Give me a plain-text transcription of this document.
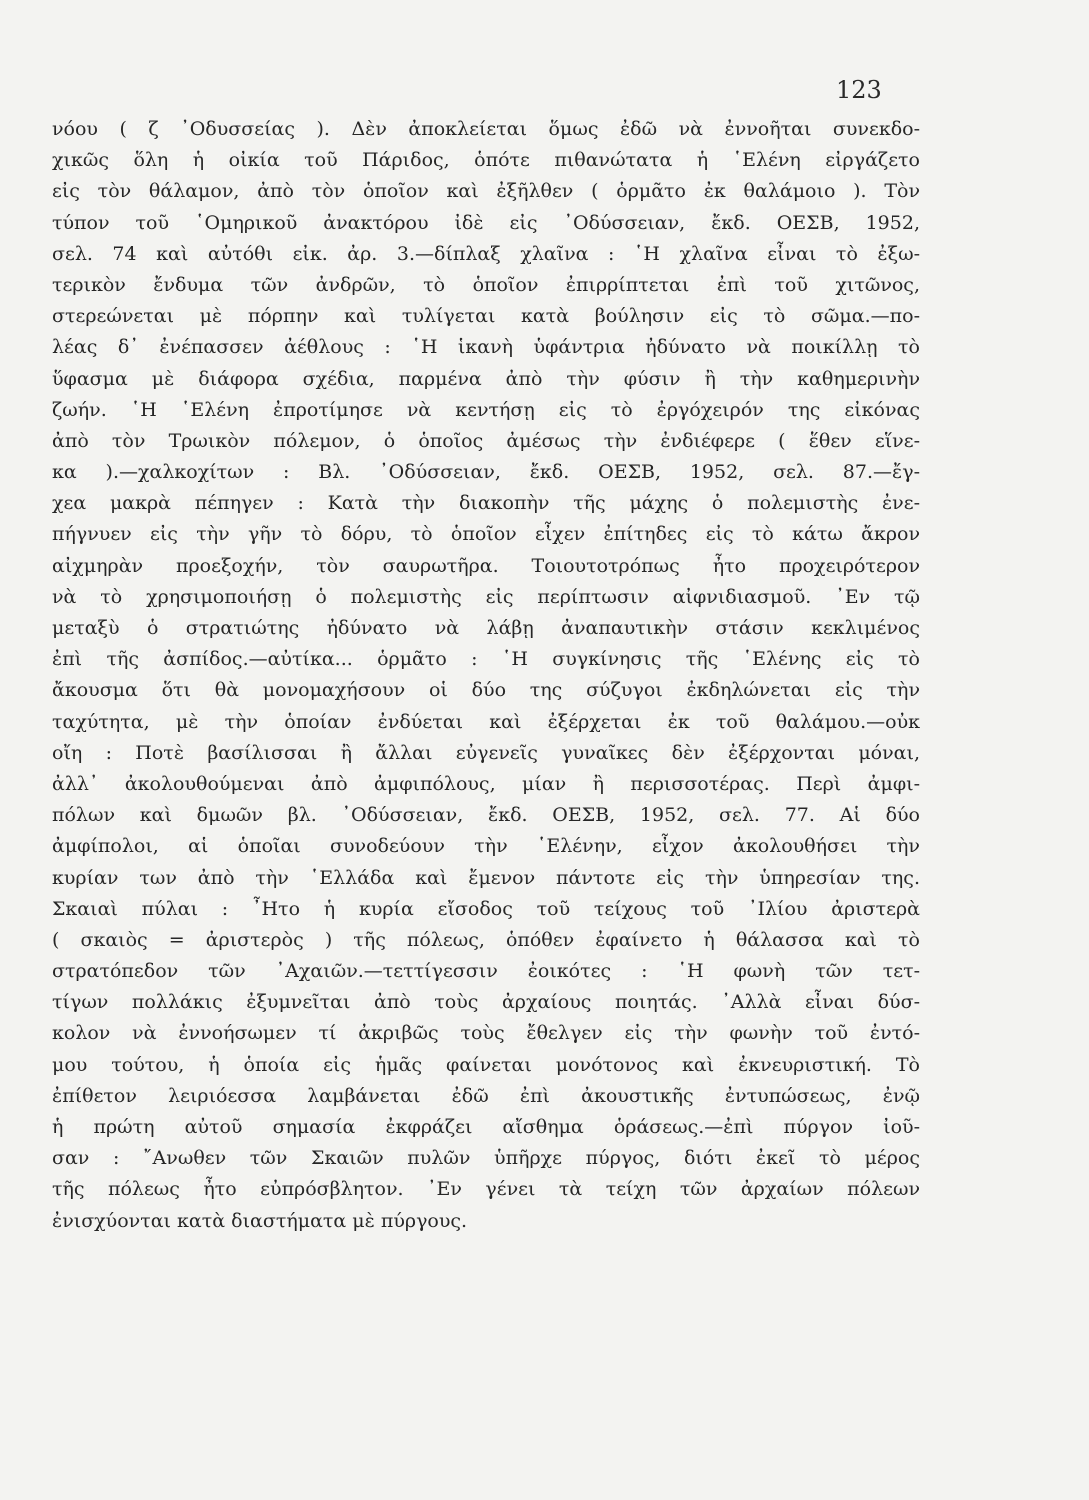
123
νόου ( ζ ᾿Οδυσσείας ). Δὲν ἀποκλείεται ὅμως ἐδῶ νὰ ἐννοῆται συνεκδο-
χικῶς ὅλη ἡ οἰκία τοῦ Πάριδος, ὁπότε πιθανώτατα ἡ ῾Ελένη εἰργάζετο
εἰς τὸν θάλαμον, ἀπὸ τὸν ὁποῖον καὶ ἐξῆλθεν ( ὁρμᾶτο ἐκ θαλάμοιο ). Τὸν
τύπον τοῦ ῾Ομηρικοῦ ἀνακτόρου ἰδὲ εἰς ᾿Οδύσσειαν, ἔκδ. ΟΕΣΒ, 1952,
σελ. 74 καὶ αὐτόθι εἰκ. ἀρ. 3.—δίπλαξ χλαῖνα : ῾Η χλαῖνα εἶναι τὸ ἐξω-
τερικὸν ἔνδυμα τῶν ἀνδρῶν, τὸ ὁποῖον ἐπιρρίπτεται ἐπὶ τοῦ χιτῶνος,
στερεώνεται μὲ πόρπην καὶ τυλίγεται κατὰ βούλησιν εἰς τὸ σῶμα.—πο-
λέας δ᾿ ἐνέπασσεν ἀέθλους : ῾Η ἱκανὴ ὑφάντρια ἠδύνατο νὰ ποικίλλῃ τὸ
ὕφασμα μὲ διάφορα σχέδια, παρμένα ἀπὸ τὴν φύσιν ἢ τὴν καθημερινὴν
ζωήν. ῾Η ῾Ελένη ἐπροτίμησε νὰ κεντήσῃ εἰς τὸ ἐργόχειρόν της εἰκόνας
ἀπὸ τὸν Τρωικὸν πόλεμον, ὁ ὁποῖος ἀμέσως τὴν ἐνδιέφερε ( ἕθεν εἵνε-
κα ).—χαλκοχίτων : Βλ. ᾿Οδύσσειαν, ἔκδ. ΟΕΣΒ, 1952, σελ. 87.—ἔγ-
χεα μακρὰ πέπηγεν : Κατὰ τὴν διακοπὴν τῆς μάχης ὁ πολεμιστὴς ἐνε-
πήγνυεν εἰς τὴν γῆν τὸ δόρυ, τὸ ὁποῖον εἶχεν ἐπίτηδες εἰς τὸ κάτω ἄκρον
αἰχμηρὰν προεξοχήν, τὸν σαυρωτῆρα. Τοιουτοτρόπως ἦτο προχειρότερον
νὰ τὸ χρησιμοποιήσῃ ὁ πολεμιστὴς εἰς περίπτωσιν αἰφνιδιασμοῦ. ᾿Εν τῷ
μεταξὺ ὁ στρατιώτης ἠδύνατο νὰ λάβῃ ἀναπαυτικὴν στάσιν κεκλιμένος
ἐπὶ τῆς ἀσπίδος.—αὐτίκα... ὁρμᾶτο : ῾Η συγκίνησις τῆς ῾Ελένης εἰς τὸ
ἄκουσμα ὅτι θὰ μονομαχήσουν οἱ δύο της σύζυγοι ἐκδηλώνεται εἰς τὴν
ταχύτητα, μὲ τὴν ὁποίαν ἐνδύεται καὶ ἐξέρχεται ἐκ τοῦ θαλάμου.—οὐκ
οἴη : Ποτὲ βασίλισσαι ἢ ἄλλαι εὐγενεῖς γυναῖκες δὲν ἐξέρχονται μόναι,
ἀλλ᾿ ἀκολουθούμεναι ἀπὸ ἀμφιπόλους, μίαν ἢ περισσοτέρας. Περὶ ἀμφι-
πόλων καὶ δμωῶν βλ. ᾿Οδύσσειαν, ἔκδ. ΟΕΣΒ, 1952, σελ. 77. Αἱ δύο
ἀμφίπολοι, αἱ ὁποῖαι συνοδεύουν τὴν ῾Ελένην, εἶχον ἀκολουθήσει τὴν
κυρίαν των ἀπὸ τὴν ῾Ελλάδα καὶ ἔμενον πάντοτε εἰς τὴν ὑπηρεσίαν της.
Σκαιαὶ πύλαι : ῏Ητο ἡ κυρία εἴσοδος τοῦ τείχους τοῦ ᾿Ιλίου ἀριστερὰ
( σκαιὸς = ἀριστερὸς ) τῆς πόλεως, ὁπόθεν ἐφαίνετο ἡ θάλασσα καὶ τὸ
στρατόπεδον τῶν ᾿Αχαιῶν.—τεττίγεσσιν ἐοικότες : ῾Η φωνὴ τῶν τετ-
τίγων πολλάκις ἐξυμνεῖται ἀπὸ τοὺς ἀρχαίους ποιητάς. ᾿Αλλὰ εἶναι δύσ-
κολον νὰ ἐννοήσωμεν τί ἀκριβῶς τοὺς ἔθελγεν εἰς τὴν φωνὴν τοῦ ἐντό-
μου τούτου, ἡ ὁποία εἰς ἡμᾶς φαίνεται μονότονος καὶ ἐκνευριστική. Τὸ
ἐπίθετον λειριόεσσα λαμβάνεται ἐδῶ ἐπὶ ἀκουστικῆς ἐντυπώσεως, ἐνῷ
ἡ πρώτη αὐτοῦ σημασία ἐκφράζει αἴσθημα ὁράσεως.—ἐπὶ πύργον ἰοῦ-
σαν : ῎Ανωθεν τῶν Σκαιῶν πυλῶν ὑπῆρχε πύργος, διότι ἐκεῖ τὸ μέρος
τῆς πόλεως ἦτο εὐπρόσβλητον. ᾿Εν γένει τὰ τείχη τῶν ἀρχαίων πόλεων
ἐνισχύονται κατὰ διαστήματα μὲ πύργους.
